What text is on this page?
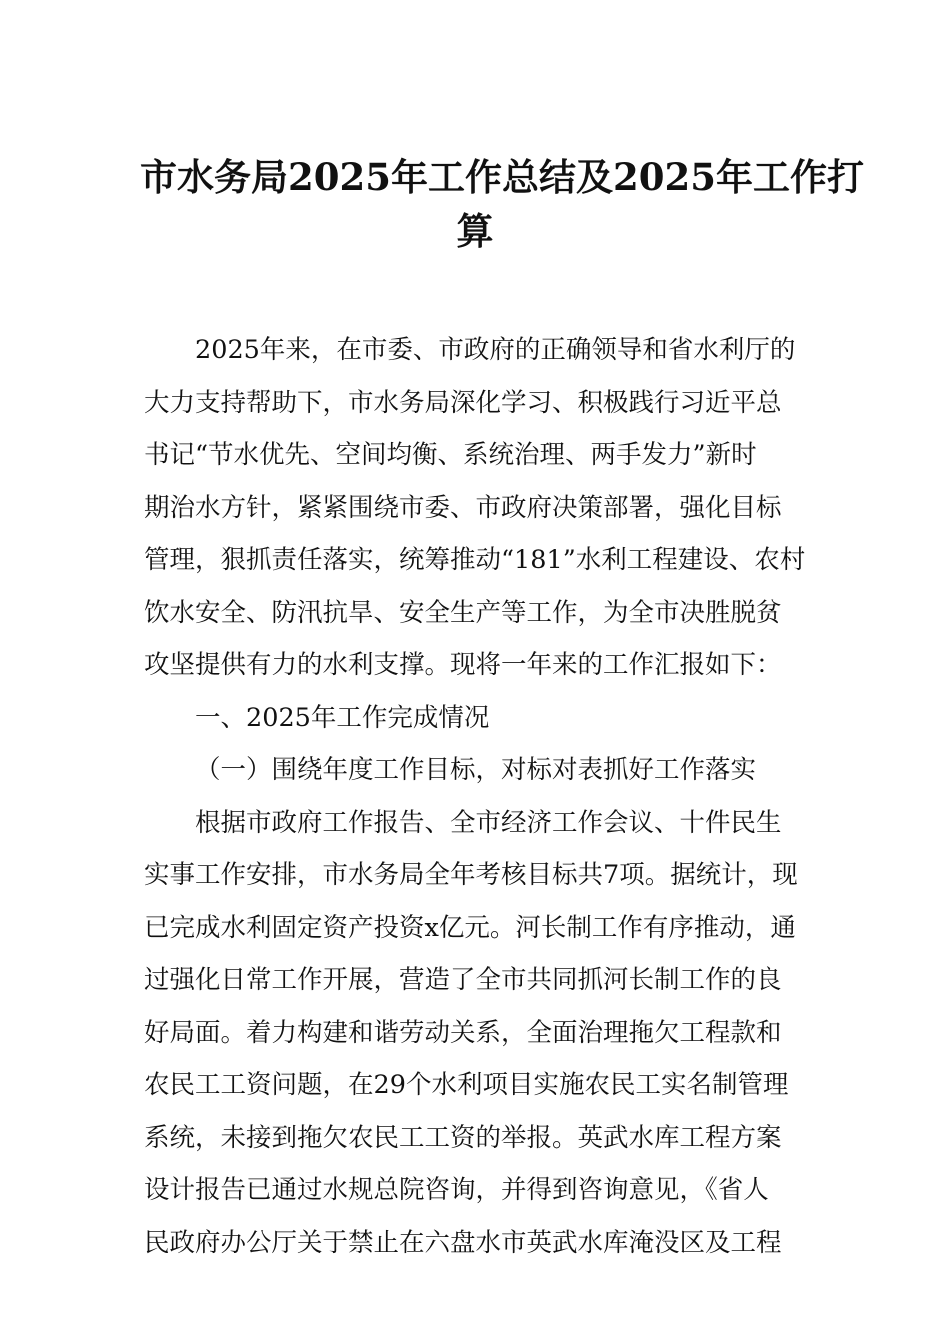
市水务局2025年工作总结及2025年工作打
算
2025年来，在市委、市政府的正确领导和省水利厅的
大力支持帮助下，市水务局深化学习、积极践行习近平总
书记“节水优先、空间均衡、系统治理、两手发力”新时
期治水方针，紧紧围绕市委、市政府决策部署，强化目标
管理，狠抓责任落实，统筹推动“181”水利工程建设、农村
饮水安全、防汛抗旱、安全生产等工作，为全市决胜脱贫
攻坚提供有力的水利支撑。现将一年来的工作汇报如下：
一、2025年工作完成情况
（一）围绕年度工作目标，对标对表抓好工作落实
根据市政府工作报告、全市经济工作会议、十件民生
实事工作安排，市水务局全年考核目标共7项。据统计，现
已完成水利固定资产投资x亿元。河长制工作有序推动，通
过强化日常工作开展，营造了全市共同抓河长制工作的良
好局面。着力构建和谐劳动关系，全面治理拖欠工程款和
农民工工资问题，在29个水利项目实施农民工实名制管理
系统，未接到拖欠农民工工资的举报。英武水库工程方案
设计报告已通过水规总院咨询，并得到咨询意见，《省人
民政府办公厅关于禁止在六盘水市英武水库淹没区及工程
